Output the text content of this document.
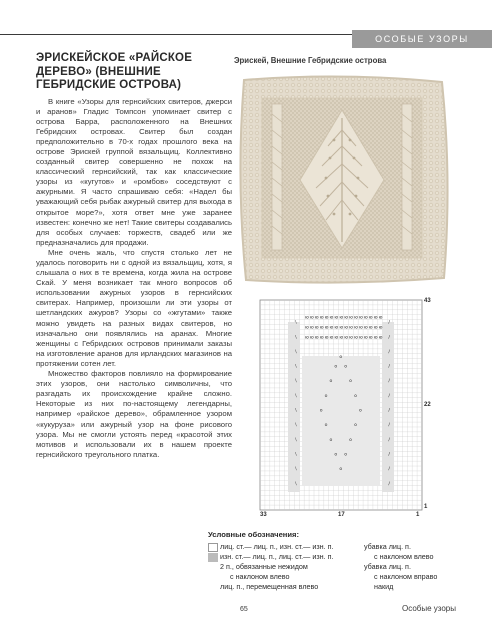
ОСОБЫЕ УЗОРЫ
ЭРИСКЕЙСКОЕ «РАЙСКОЕ ДЕРЕВО» (ВНЕШНИЕ ГЕБРИДСКИЕ ОСТРОВА)

В книге «Узоры для гернсийских свитеров, джерси и аранов» Гладис Томпсон упоминает свитер с острова Барра, расположенного на Внешних Гебридских островах. Свитер был создан предположительно в 70-х годах прошлого века на острове Эрискей группой вязальщиц. Коллективно созданный свитер совершенно не похож на классический гернсийский, так как классические узоры из «кугутов» и «ромбов» соседствуют с ажурными. Я часто спрашиваю себя: «Надел бы уважающий себя рыбак ажурный свитер для выхода в открытое море?», хотя ответ мне уже заранее известен: конечно же нет! Такие свитеры создавались для особых случаев: торжеств, свадеб или же предназначались для продажи.

Мне очень жаль, что спустя столько лет не удалось поговорить ни с одной из вязальщиц, хотя, я слышала о них в те времена, когда жила на острове Скай. У меня возникает так много вопросов об использовании ажурных узоров в гернсийских свитерах. Например, произошли ли эти узоры от шетландских ажуров? Узоры со «жгутами» также можно увидеть на разных видах свитеров, но изначально они появлялись на аранах. Многие женщины с Гебридских островов принимали заказы на изготовление аранов для ирландских магазинов на протяжении сотен лет.

Множество факторов повлияло на формирование этих узоров, они настолько символичны, что разгадать их происхождение крайне сложно. Некоторые из них по-настоящему легендарны, например «райское дерево», обрамленное узором «кукуруза» или ажурный узор на фоне рисового узора. Мы не смогли устоять перед «красотой этих мотивов и использовали их в нашем проекте гернсийского треугольного платка.

Эрискей, Внешние Гебридские острова
ю ю ю ю ю ю ю ю ю ю ю ю ю ю ю ю
ю ю ю ю ю ю ю ю ю ю ю ю ю ю ю ю
ю ю ю ю ю ю ю ю ю ю ю ю ю ю ю ю
о
о о
о	о
о	о
о	о
о	о
о	о
о о
о
\	/
\	/
\	/
\	/
\	/
\	/
\	/
\	/
\	/
\	/
\	/
\	/
43
22
1
33	17	1
Условные обозначения:
лиц. ст.— лиц. п., изн. ст.— изн. п.	убавка лиц. п.
изн. ст.— лиц. п., лиц. ст.— изн. п.	с наклоном влево
2 п., обвязанные нежидом	убавка лиц. п.
с наклоном влево	с наклоном вправо
лиц. п., перемещенная влево	накид
65	Особые узоры
